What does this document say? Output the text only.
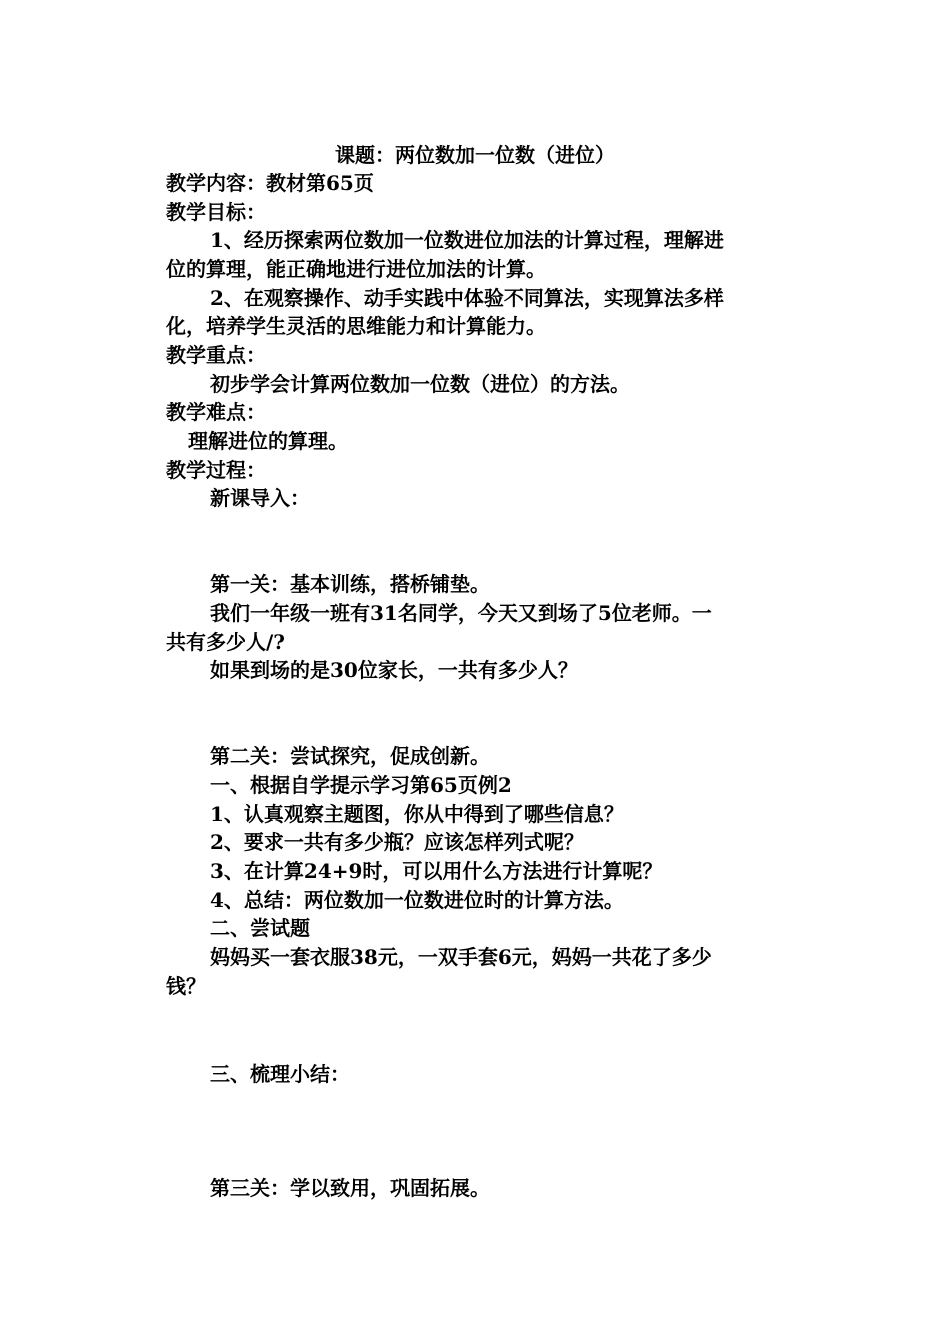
课题：两位数加一位数（进位）
教学内容：教材第65页
教学目标：
1、经历探索两位数加一位数进位加法的计算过程，理解进
位的算理，能正确地进行进位加法的计算。
2、在观察操作、动手实践中体验不同算法，实现算法多样
化，培养学生灵活的思维能力和计算能力。
教学重点：
初步学会计算两位数加一位数（进位）的方法。
教学难点：
理解进位的算理。
教学过程：
新课导入：
第一关：基本训练，搭桥铺垫。
我们一年级一班有31名同学，今天又到场了5位老师。一
共有多少人/?
如果到场的是30位家长，一共有多少人？
第二关：尝试探究，促成创新。
一、根据自学提示学习第65页例2
1、认真观察主题图，你从中得到了哪些信息？
2、要求一共有多少瓶？应该怎样列式呢？
3、在计算24+9时，可以用什么方法进行计算呢？
4、总结：两位数加一位数进位时的计算方法。
二、尝试题
妈妈买一套衣服38元，一双手套6元，妈妈一共花了多少
钱？
三、梳理小结：
第三关：学以致用，巩固拓展。
